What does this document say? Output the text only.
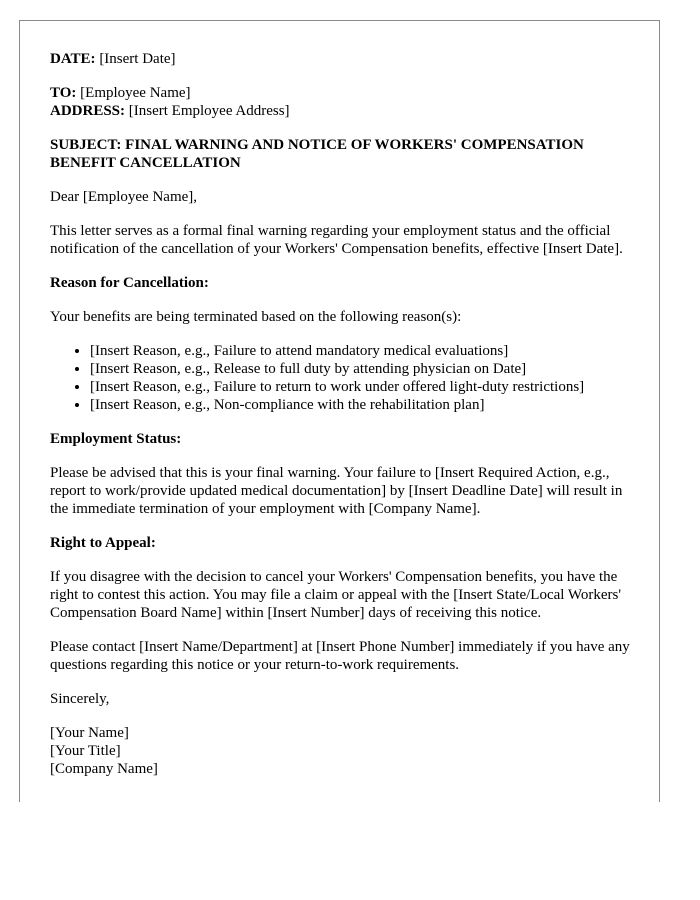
DATE: [Insert Date]

TO: [Employee Name]
ADDRESS: [Insert Employee Address]

SUBJECT: FINAL WARNING AND NOTICE OF WORKERS' COMPENSATION BENEFIT CANCELLATION

Dear [Employee Name],

This letter serves as a formal final warning regarding your employment status and the official notification of the cancellation of your Workers' Compensation benefits, effective [Insert Date].

Reason for Cancellation:

Your benefits are being terminated based on the following reason(s):

• [Insert Reason, e.g., Failure to attend mandatory medical evaluations]
• [Insert Reason, e.g., Release to full duty by attending physician on Date]
• [Insert Reason, e.g., Failure to return to work under offered light-duty restrictions]
• [Insert Reason, e.g., Non-compliance with the rehabilitation plan]

Employment Status:

Please be advised that this is your final warning. Your failure to [Insert Required Action, e.g., report to work/provide updated medical documentation] by [Insert Deadline Date] will result in the immediate termination of your employment with [Company Name].

Right to Appeal:

If you disagree with the decision to cancel your Workers' Compensation benefits, you have the right to contest this action. You may file a claim or appeal with the [Insert State/Local Workers' Compensation Board Name] within [Insert Number] days of receiving this notice.

Please contact [Insert Name/Department] at [Insert Phone Number] immediately if you have any questions regarding this notice or your return-to-work requirements.

Sincerely,

[Your Name]
[Your Title]
[Company Name]
